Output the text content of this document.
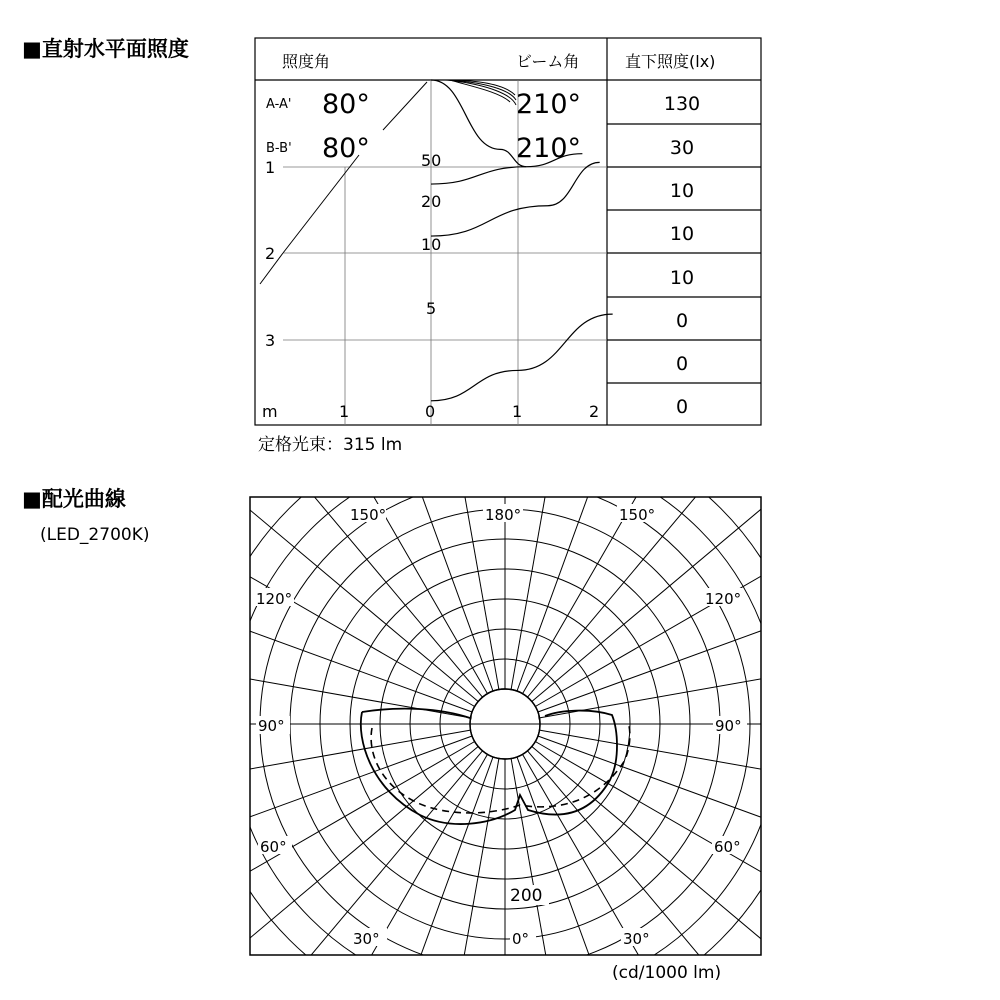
■直射水平面照度
照度角	ビーム角	直下照度(lx)
130
30
10
10
10
0
0
0
A-A' 80°	210°
B-B' 80°	210°
1
2
3
m	1	0	1	2
定格光束：315 lm
■配光曲線
(LED_2700K)
(cd/1000 lm)
150°	180°	150°
120°	120°
90°	90°
60°	60°
30°	0°	30°
200
50
20
10
5
